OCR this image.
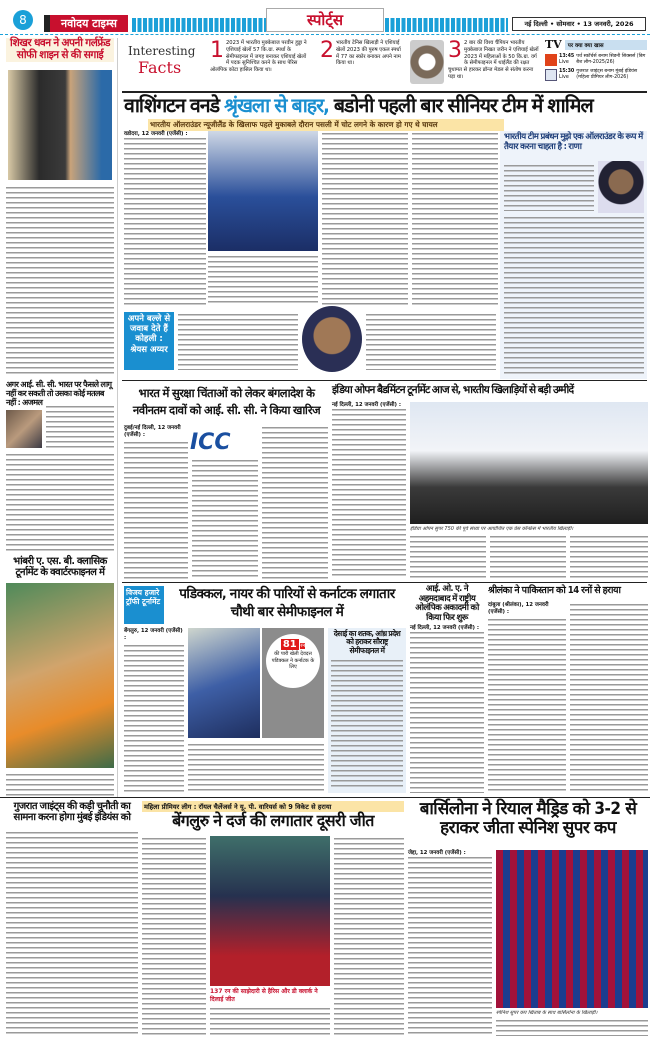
8	नवोदय टाइम्स	स्पोर्ट्स	नई दिल्ली • सोमवार • 13 जनवरी, 2026
शिखर धवन ने अपनी गर्लफ्रेंड सोफी शाइन से की सगाई
अगर आई. सी. सी. भारत पर फैसले लागू नहीं कर सकती तो उसका कोई मतलब नहीं : अजमल
भांबरी ए. एस. बी. क्लासिक टूर्नामेंट के क्वार्टरफाइनल में
Interesting
Facts
1 2023 में भारतीय मुक्केबाज परवीन हुड्डा ने एशियाई खेलों 57 कि.ग्रा. स्पर्धा के सेमीफाइनल में जगह बनाकर एशियाई खेलों में पदक सुनिश्चित करने के साथ पेरिस ओलंपिक कोटा हासिल किया था।
2 भारतीय टेनिस खिलाड़ी ने एशियाई खेलों 2023 की पुरुष एकल स्पर्धा में 77 का स्कोर बनाकर अपने नाम किया था।
3 2 बार की विश्व चैंपियन भारतीय मुक्केबाज निखत जरीन ने एशियाई खेलों 2023 में महिलाओं के 50 कि.ग्रा. वर्ग के सेमीफाइनल में थाईलैंड की रक्षत चुथामत से हारकर ब्रॉन्ज मेडल से संतोष करना पड़ा था।
TV	पर क्या क्या खास
13:45
Live
पर्थ स्कॉर्चर्स बनाम सिडनी सिक्सर्स (बिग बैश लीग-2025/26)
15:30
Live
गुजरात जाइंट्स बनाम मुंबई इंडियंस (महिला प्रीमियर लीग-2026)
वाशिंगटन वनडे श्रृंखला से बाहर, बडोनी पहली बार सीनियर टीम में शामिल
भारतीय ऑलराउंडर न्यूजीलैंड के खिलाफ पहले मुकाबले दौरान पसली में चोट लगने के कारण हो गए थे घायल
वडोदरा, 12 जनवरी (एजेंसी) :	भारतीय टीम प्रबंधन मुझे एक ऑलराउंडर के रूप में तैयार करना चाहता है : राणा
अपने बल्ले से जवाब देते हैं कोहली : श्रेयस अय्यर
भारत में सुरक्षा चिंताओं को लेकर बंगलादेश के नवीनतम दावों को आई. सी. सी. ने किया खारिज
ICC
दुबई/नई दिल्ली, 12 जनवरी (एजेंसी) :
इंडिया ओपन बैडमिंटन टूर्नामेंट आज से, भारतीय खिलाड़ियों से बड़ी उम्मीदें
नई दिल्ली, 12 जनवरी (एजेंसी) :
इंडिया ओपन सुपर 750 की पूर्व संध्या पर आयोजित एक प्रेस कॉन्फ्रेंस में भारतीय खिलाड़ी।
विजय हजारे ट्रॉफी टूर्नामेंट	पडिक्कल, नायर की पारियों से कर्नाटक लगातार चौथी बार सेमीफाइनल में
बेंगलुरु, 12 जनवरी (एजेंसी) :
81 रन
की पारी खेली देवदत्त पडिक्कल ने कर्नाटक के लिए
देसाई का शतक, आंध्र प्रदेश को हराकर सौराष्ट्र सेमीफाइनल में
आई. ओ. ए. ने अहमदाबाद में राष्ट्रीय ओलंपिक अकादमी को किया फिर शुरू
नई दिल्ली, 12 जनवरी (एजेंसी) :
श्रीलंका ने पाकिस्तान को 14 रनों से हराया
दांबुला (श्रीलंका), 12 जनवरी (एजेंसी) :
गुजरात जाइंट्स की कड़ी चुनौती का सामना करना होगा मुंबई इंडियंस को
महिला प्रीमियर लीग : रॉयल चैलेंजर्स ने यू. पी. वारियर्स को 9 विकेट से हराया
बेंगलुरु ने दर्ज की लगातार दूसरी जीत
137 रन की साझेदारी से हैरिस और डी क्लार्क ने दिलाई जीत
बार्सिलोना ने रियाल मैड्रिड को 3-2 से हराकर जीता स्पेनिश सुपर कप
जेद्दा, 12 जनवरी (एजेंसी) :
स्पेनिश सुपर कप खिताब के साथ बार्सिलोना के खिलाड़ी।
